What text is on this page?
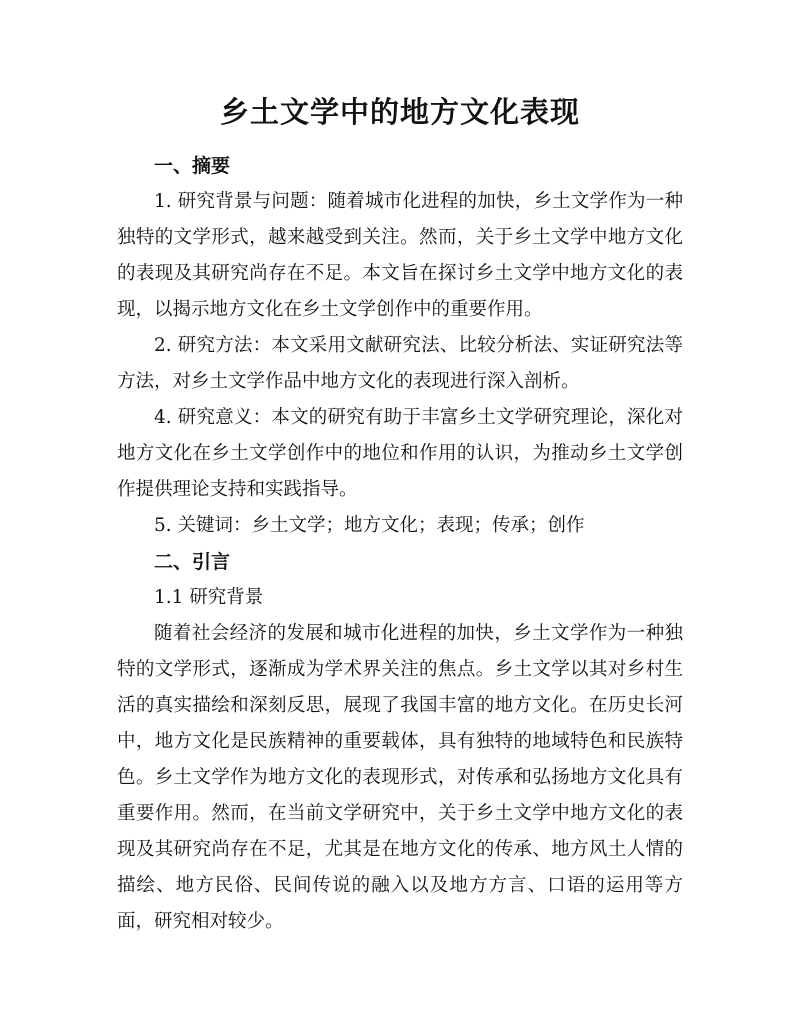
乡土文学中的地方文化表现

一、摘要

1. 研究背景与问题：随着城市化进程的加快，乡土文学作为一种独特的文学形式，越来越受到关注。然而，关于乡土文学中地方文化的表现及其研究尚存在不足。本文旨在探讨乡土文学中地方文化的表现，以揭示地方文化在乡土文学创作中的重要作用。

2. 研究方法：本文采用文献研究法、比较分析法、实证研究法等方法，对乡土文学作品中地方文化的表现进行深入剖析。

4. 研究意义：本文的研究有助于丰富乡土文学研究理论，深化对地方文化在乡土文学创作中的地位和作用的认识，为推动乡土文学创作提供理论支持和实践指导。

5. 关键词：乡土文学；地方文化；表现；传承；创作

二、引言

1.1 研究背景

随着社会经济的发展和城市化进程的加快，乡土文学作为一种独特的文学形式，逐渐成为学术界关注的焦点。乡土文学以其对乡村生活的真实描绘和深刻反思，展现了我国丰富的地方文化。在历史长河中，地方文化是民族精神的重要载体，具有独特的地域特色和民族特色。乡土文学作为地方文化的表现形式，对传承和弘扬地方文化具有重要作用。然而，在当前文学研究中，关于乡土文学中地方文化的表现及其研究尚存在不足，尤其是在地方文化的传承、地方风土人情的描绘、地方民俗、民间传说的融入以及地方方言、口语的运用等方面，研究相对较少。
